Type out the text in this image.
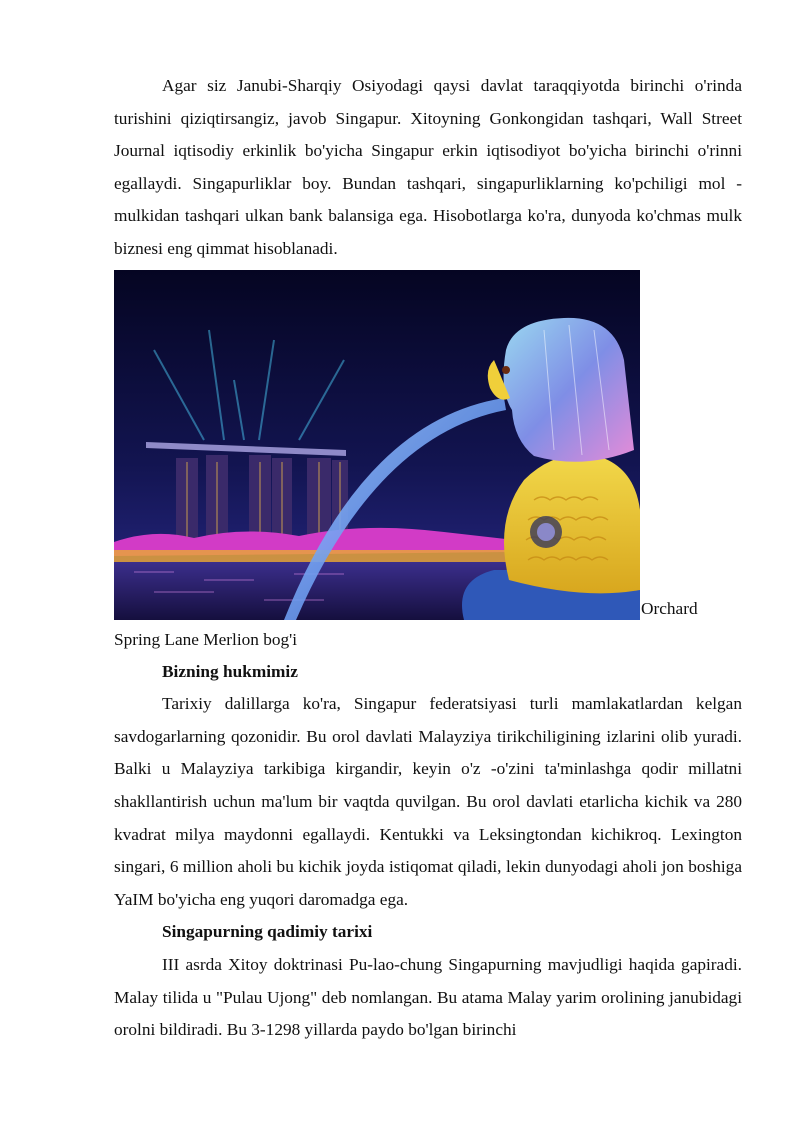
Agar siz Janubi-Sharqiy Osiyodagi qaysi davlat taraqqiyotda birinchi o'rinda turishini qiziqtirsangiz, javob Singapur. Xitoyning Gonkongidan tashqari, Wall Street Journal iqtisodiy erkinlik bo'yicha Singapur erkin iqtisodiyot bo'yicha birinchi o'rinni egallaydi. Singapurliklar boy. Bundan tashqari, singapurliklarning ko'pchiligi mol -mulkidan tashqari ulkan bank balansiga ega. Hisobotlarga ko'ra, dunyoda ko'chmas mulk biznesi eng qimmat hisoblanadi.

Orchard

Spring Lane Merlion bog'i

Bizning hukmimiz

Tarixiy dalillarga ko'ra, Singapur federatsiyasi turli mamlakatlardan kelgan savdogarlarning qozonidir. Bu orol davlati Malayziya tirikchiligining izlarini olib yuradi. Balki u Malayziya tarkibiga kirgandir, keyin o'z -o'zini ta'minlashga qodir millatni shakllantirish uchun ma'lum bir vaqtda quvilgan. Bu orol davlati etarlicha kichik va 280 kvadrat milya maydonni egallaydi. Kentukki va Leksingtondan kichikroq. Lexington singari, 6 million aholi bu kichik joyda istiqomat qiladi, lekin dunyodagi aholi jon boshiga YaIM bo'yicha eng yuqori daromadga ega.

Singapurning qadimiy tarixi

III asrda Xitoy doktrinasi Pu-lao-chung Singapurning mavjudligi haqida gapiradi. Malay tilida u "Pulau Ujong" deb nomlangan. Bu atama Malay yarim orolining janubidagi orolni bildiradi. Bu 3-1298 yillarda paydo bo'lgan birinchi
